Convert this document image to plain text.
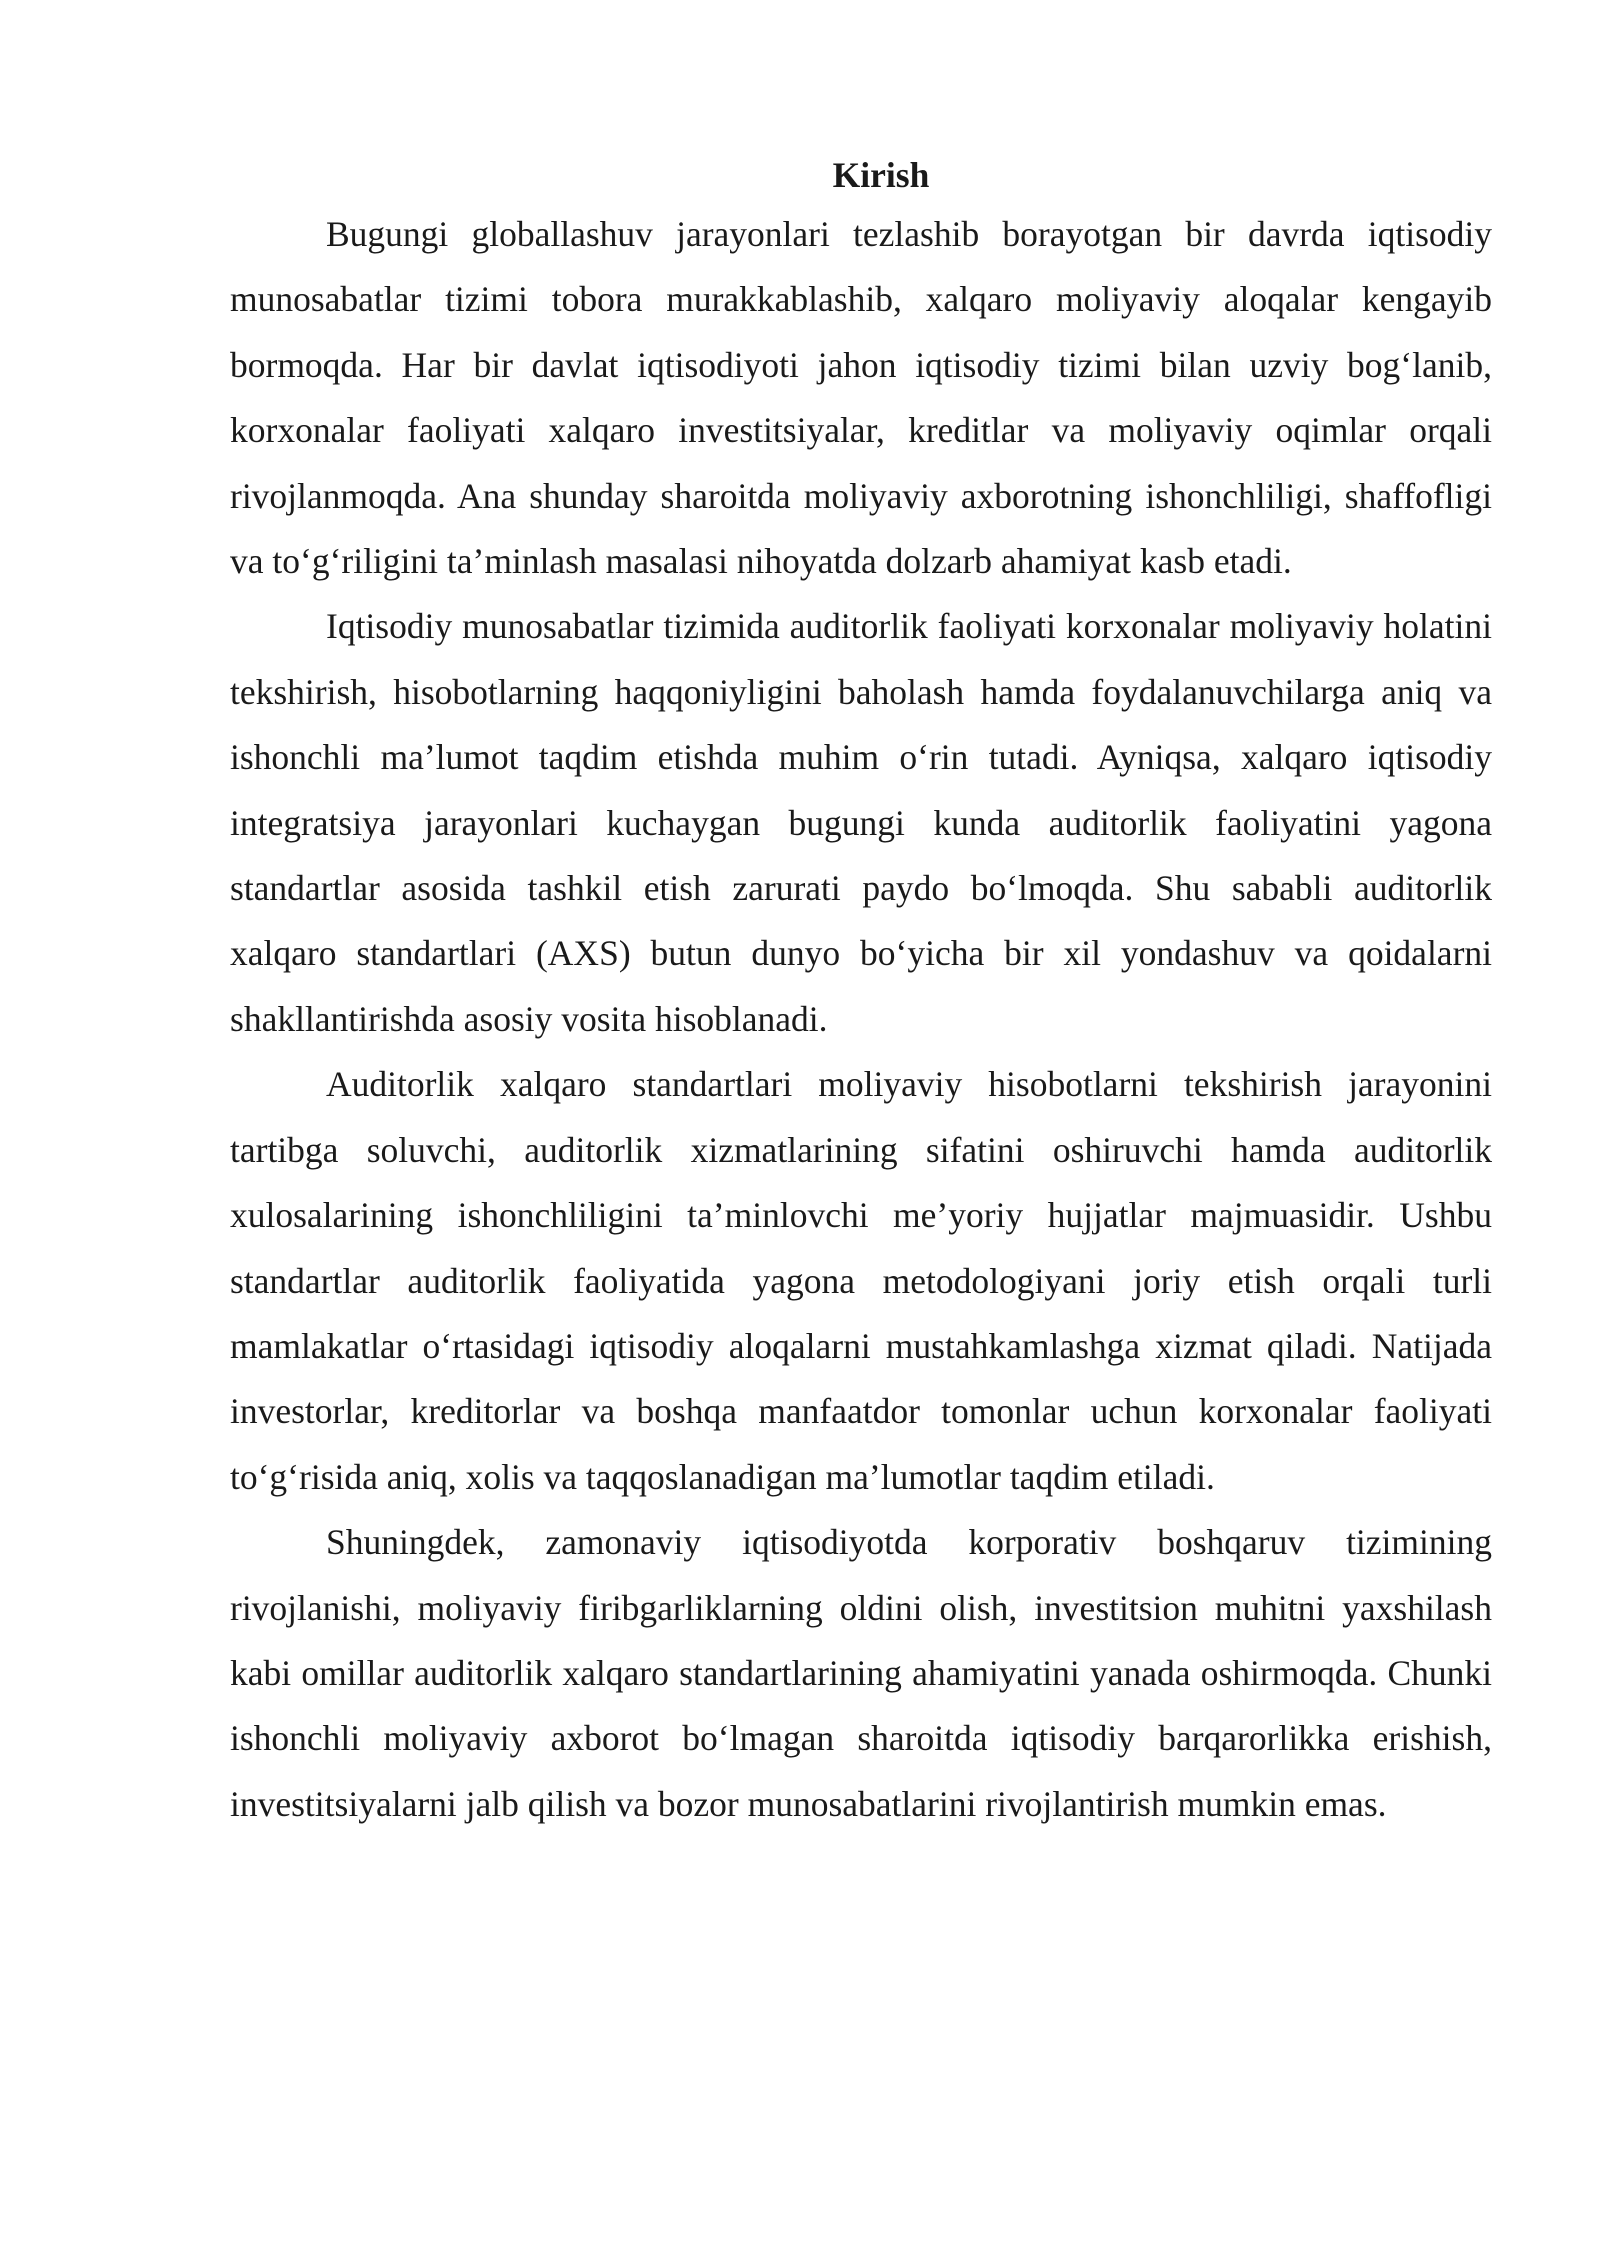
Kirish

Bugungi globallashuv jarayonlari tezlashib borayotgan bir davrda iqtisodiy munosabatlar tizimi tobora murakkablashib, xalqaro moliyaviy aloqalar kengayib bormoqda. Har bir davlat iqtisodiyoti jahon iqtisodiy tizimi bilan uzviy bog‘lanib, korxonalar faoliyati xalqaro investitsiyalar, kreditlar va moliyaviy oqimlar orqali rivojlanmoqda. Ana shunday sharoitda moliyaviy axborotning ishonchliligi, shaffofligi va to‘g‘riligini ta’minlash masalasi nihoyatda dolzarb ahamiyat kasb etadi.

Iqtisodiy munosabatlar tizimida auditorlik faoliyati korxonalar moliyaviy holatini tekshirish, hisobotlarning haqqoniyligini baholash hamda foydalanuvchilarga aniq va ishonchli ma’lumot taqdim etishda muhim o‘rin tutadi. Ayniqsa, xalqaro iqtisodiy integratsiya jarayonlari kuchaygan bugungi kunda auditorlik faoliyatini yagona standartlar asosida tashkil etish zarurati paydo bo‘lmoqda. Shu sababli auditorlik xalqaro standartlari (AXS) butun dunyo bo‘yicha bir xil yondashuv va qoidalarni shakllantirishda asosiy vosita hisoblanadi.

Auditorlik xalqaro standartlari moliyaviy hisobotlarni tekshirish jarayonini tartibga soluvchi, auditorlik xizmatlarining sifatini oshiruvchi hamda auditorlik xulosalarining ishonchliligini ta’minlovchi me’yoriy hujjatlar majmuasidir. Ushbu standartlar auditorlik faoliyatida yagona metodologiyani joriy etish orqali turli mamlakatlar o‘rtasidagi iqtisodiy aloqalarni mustahkamlashga xizmat qiladi. Natijada investorlar, kreditorlar va boshqa manfaatdor tomonlar uchun korxonalar faoliyati to‘g‘risida aniq, xolis va taqqoslanadigan ma’lumotlar taqdim etiladi.

Shuningdek, zamonaviy iqtisodiyotda korporativ boshqaruv tizimining rivojlanishi, moliyaviy firibgarliklarning oldini olish, investitsion muhitni yaxshilash kabi omillar auditorlik xalqaro standartlarining ahamiyatini yanada oshirmoqda. Chunki ishonchli moliyaviy axborot bo‘lmagan sharoitda iqtisodiy barqarorlikka erishish, investitsiyalarni jalb qilish va bozor munosabatlarini rivojlantirish mumkin emas.
